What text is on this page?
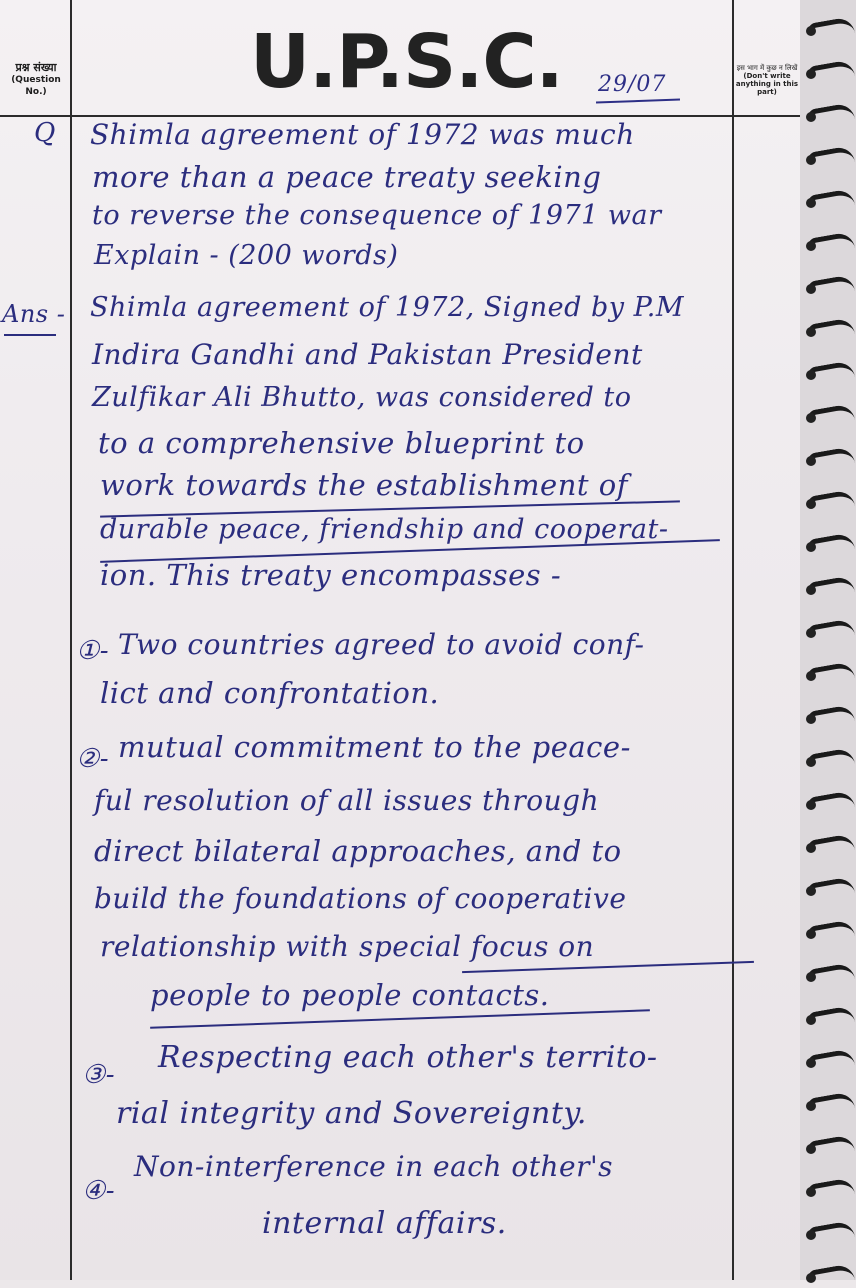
प्रश्न संख्या
(Question No.)	U.P.S.C. 29/07
इस भाग में कुछ न लिखें
(Don't write anything in this part)
Q Shimla agreement of 1972 was much
more than a peace treaty seeking
to reverse the consequence of 1971 war
Explain - (200 words)
Ans - Shimla agreement of 1972, Signed by P.M
Indira Gandhi and Pakistan President
Zulfikar Ali Bhutto, was considered to
to a comprehensive blueprint to
work towards the establishment of
durable peace, friendship and cooperat-
ion. This treaty encompasses -
①- Two countries agreed to avoid conf-
lict and confrontation.
②- mutual commitment to the peace-
ful resolution of all issues through
direct bilateral approaches, and to
build the foundations of cooperative
relationship with special focus on
people to people contacts.
③- Respecting each other's territo-
rial integrity and Sovereignty.
④-
Non-interference in each other's
internal affairs.
